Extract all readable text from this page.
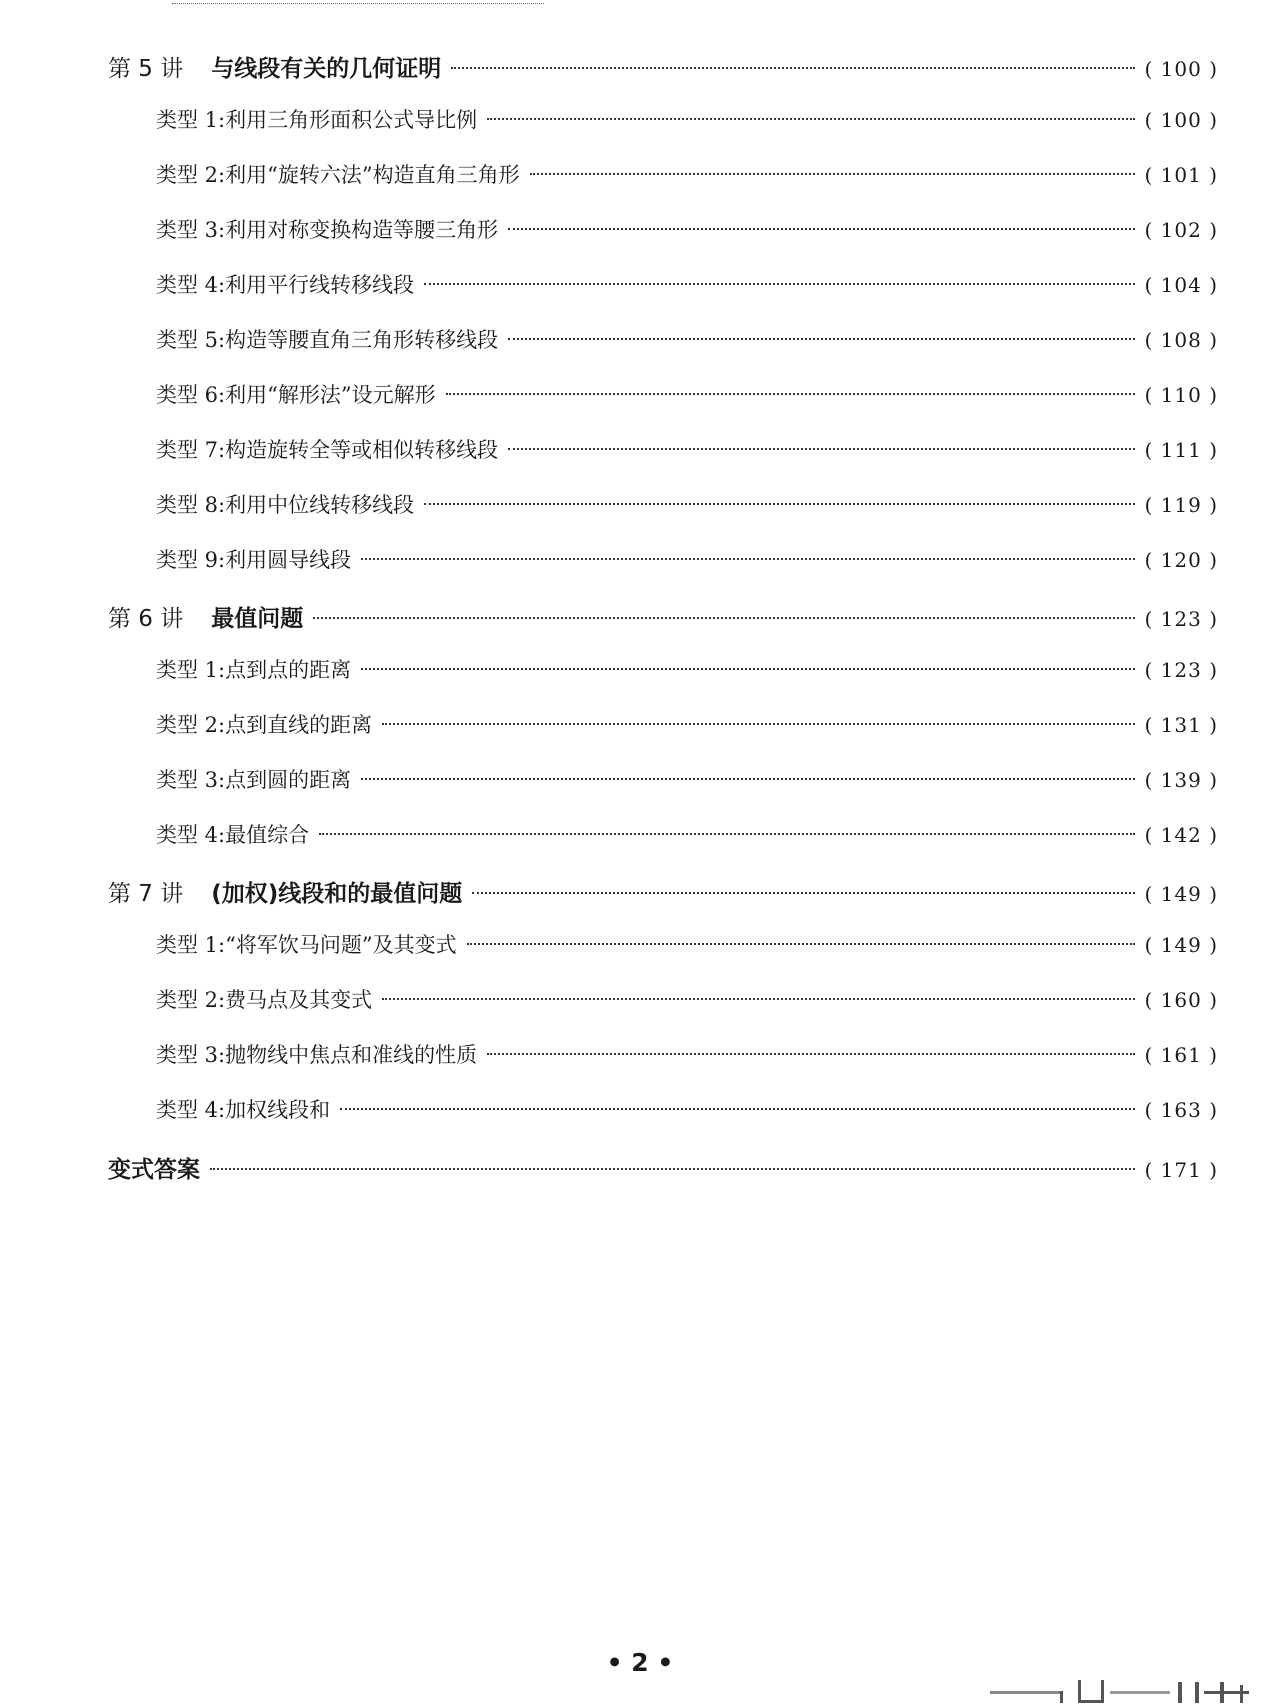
第 5 讲 与线段有关的几何证明	( 100 )
类型 1:利用三角形面积公式导比例	( 100 )
类型 2:利用“旋转六法”构造直角三角形	( 101 )
类型 3:利用对称变换构造等腰三角形	( 102 )
类型 4:利用平行线转移线段	( 104 )
类型 5:构造等腰直角三角形转移线段	( 108 )
类型 6:利用“解形法”设元解形	( 110 )
类型 7:构造旋转全等或相似转移线段	( 111 )
类型 8:利用中位线转移线段	( 119 )
类型 9:利用圆导线段	( 120 )
第 6 讲 最值问题	( 123 )
类型 1:点到点的距离	( 123 )
类型 2:点到直线的距离	( 131 )
类型 3:点到圆的距离	( 139 )
类型 4:最值综合	( 142 )
第 7 讲 (加权)线段和的最值问题	( 149 )
类型 1:“将军饮马问题”及其变式	( 149 )
类型 2:费马点及其变式	( 160 )
类型 3:抛物线中焦点和准线的性质	( 161 )
类型 4:加权线段和	( 163 )
变式答案	( 171 )
• 2 •
